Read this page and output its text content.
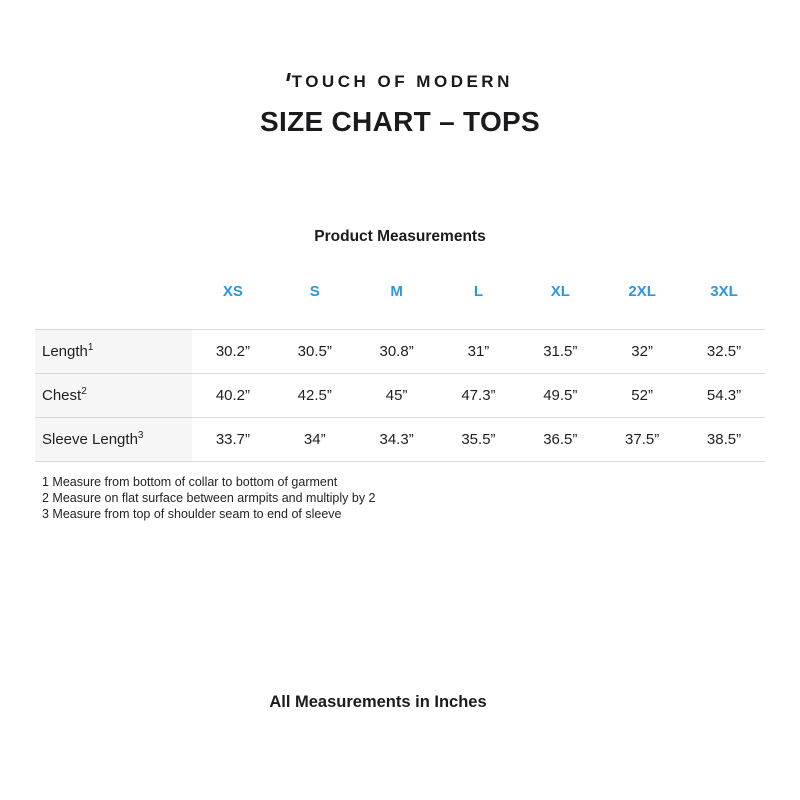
TOUCH OF MODERN
SIZE CHART – TOPS
Product Measurements
	XS	S	M	L	XL	2XL	3XL
Length$^1$	30.2”	30.5”	30.8”	31”	31.5”	32”	32.5”
Chest$^2$	40.2”	42.5”	45”	47.3”	49.5”	52”	54.3”
Sleeve Length$^3$	33.7”	34”	34.3”	35.5”	36.5”	37.5”	38.5”
1 Measure from bottom of collar to bottom of garment
2 Measure on flat surface between armpits and multiply by 2
3 Measure from top of shoulder seam to end of sleeve
All Measurements in Inches
